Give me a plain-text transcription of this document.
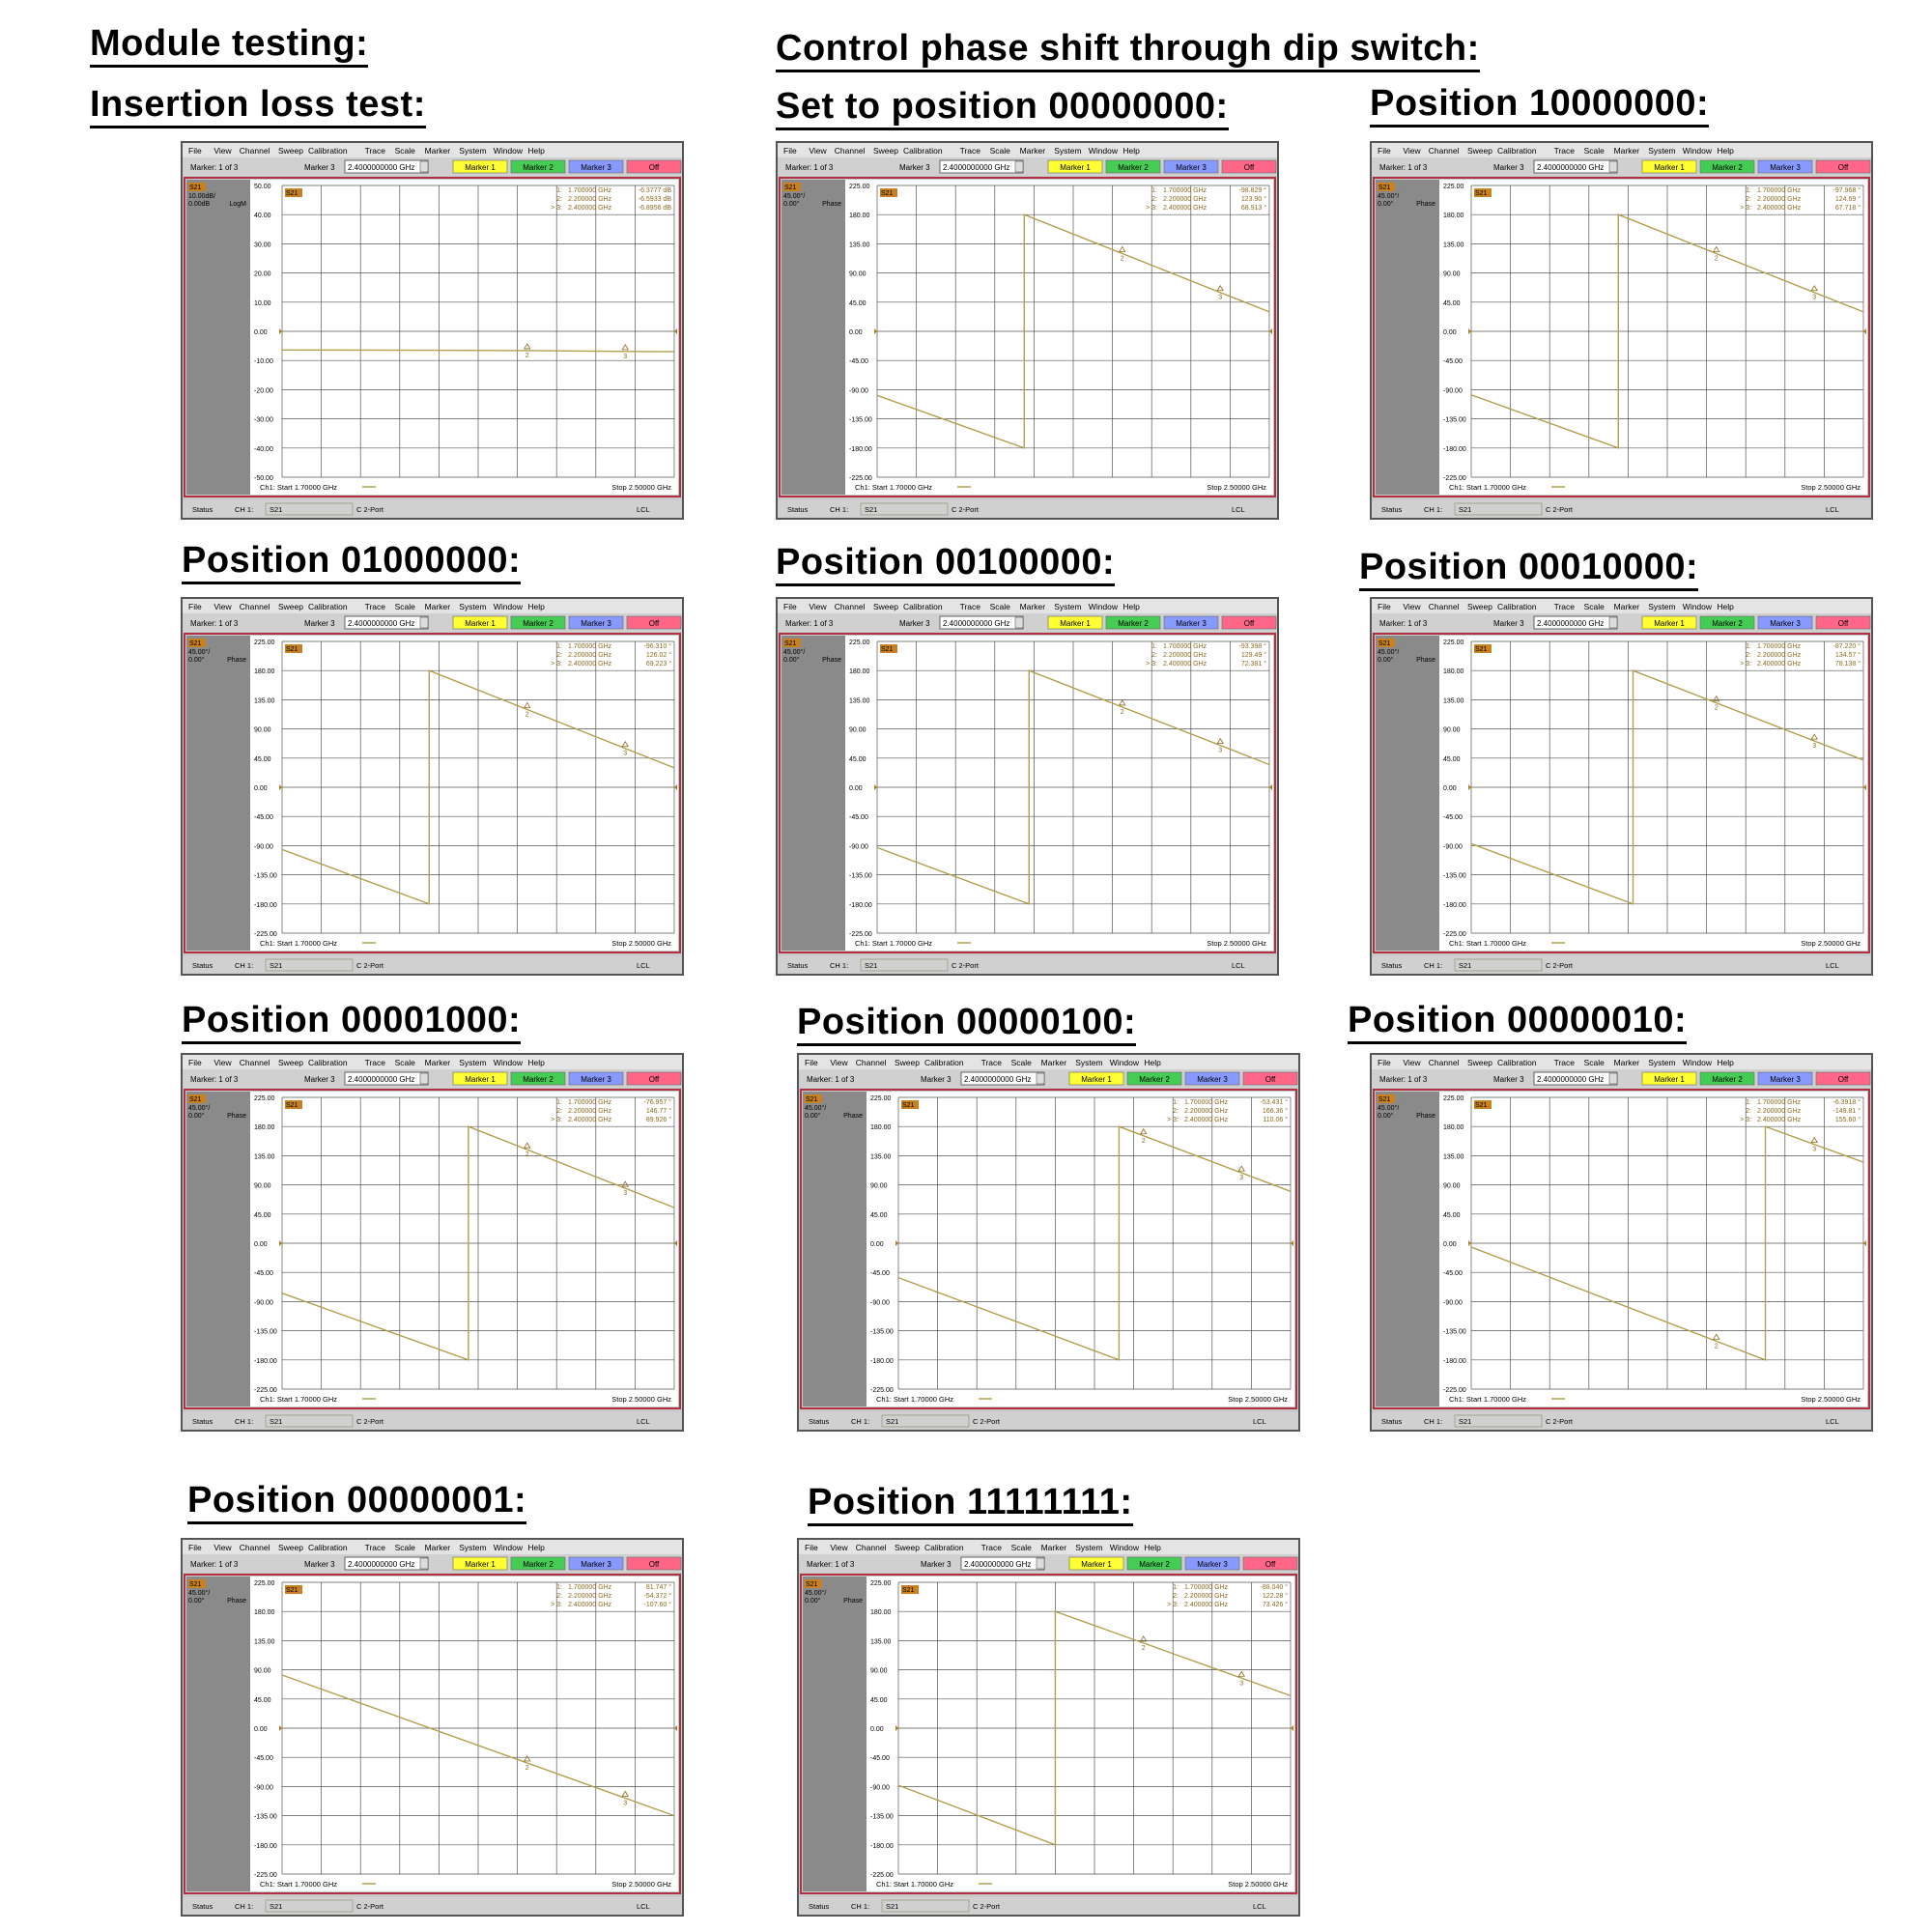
Module testing:
Insertion loss test:
Control phase shift through dip switch:
Set to position 00000000:	Position 10000000:
Position 01000000:	Position 00100000:	Position 00010000:
Position 00001000:	Position 00000100:	Position 00000010:
Position 00000001:	Position 11111111:
File View Channel Sweep Calibration Trace Scale Marker System Window Help
Marker: 1 of 3	Marker 3 2.4000000000 GHz	Marker 1	Marker 2	Marker 3	Off
S21
10.00dB/
0.00dB	LogM
50.00
40.00
30.00
20.00
10.00
0.00
-10.00
-20.00
-30.00
-40.00
-50.00
S21	1: 1.700000 GHz	-6.3777 dB
2: 2.200000 GHz	-6.5933 dB
> 3: 2.400000 GHz	-6.8956 dB
2	3
Ch1: Start 1.70000 GHz	Stop 2.50000 GHz
Status	CH 1: S21	C 2-Port	LCL
File View Channel Sweep Calibration Trace Scale Marker System Window Help
Marker: 1 of 3	Marker 3 2.4000000000 GHz	Marker 1	Marker 2	Marker 3	Off
S21
45.00°/
0.00°	Phase
225.00
180.00
135.00
90.00
45.00
0.00
-45.00
-90.00
-135.00
-180.00
-225.00
S21	1: 1.700000 GHz	-98.829 °
2: 2.200000 GHz	123.90 °
> 3: 2.400000 GHz	68.913 °
2
3
Ch1: Start 1.70000 GHz	Stop 2.50000 GHz
Status	CH 1: S21	C 2-Port	LCL
File View Channel Sweep Calibration Trace Scale Marker System Window Help
Marker: 1 of 3	Marker 3 2.4000000000 GHz	Marker 1	Marker 2	Marker 3	Off
S21
45.00°/
0.00°	Phase
225.00
180.00
135.00
90.00
45.00
0.00
-45.00
-90.00
-135.00
-180.00
-225.00
S21	1: 1.700000 GHz	-97.968 °
2: 2.200000 GHz	124.69 °
> 3: 2.400000 GHz	67.718 °
2
3
Ch1: Start 1.70000 GHz	Stop 2.50000 GHz
Status	CH 1: S21	C 2-Port	LCL
File View Channel Sweep Calibration Trace Scale Marker System Window Help
Marker: 1 of 3	Marker 3 2.4000000000 GHz	Marker 1	Marker 2	Marker 3	Off
S21
45.00°/
0.00°	Phase
225.00
180.00
135.00
90.00
45.00
0.00
-45.00
-90.00
-135.00
-180.00
-225.00
S21	1: 1.700000 GHz	-96.310 °
2: 2.200000 GHz	126.02 °
> 3: 2.400000 GHz	69.223 °
2
3
Ch1: Start 1.70000 GHz	Stop 2.50000 GHz
Status	CH 1: S21	C 2-Port	LCL
File View Channel Sweep Calibration Trace Scale Marker System Window Help
Marker: 1 of 3	Marker 3 2.4000000000 GHz	Marker 1	Marker 2	Marker 3	Off
S21
45.00°/
0.00°	Phase
225.00
180.00
135.00
90.00
45.00
0.00
-45.00
-90.00
-135.00
-180.00
-225.00
S21	1: 1.700000 GHz	-93.398 °
2: 2.200000 GHz	129.49 °
> 3: 2.400000 GHz	72.381 °
2
3
Ch1: Start 1.70000 GHz	Stop 2.50000 GHz
Status	CH 1: S21	C 2-Port	LCL
File View Channel Sweep Calibration Trace Scale Marker System Window Help
Marker: 1 of 3	Marker 3 2.4000000000 GHz	Marker 1	Marker 2	Marker 3	Off
S21
45.00°/
0.00°	Phase
225.00
180.00
135.00
90.00
45.00
0.00
-45.00
-90.00
-135.00
-180.00
-225.00
S21	1: 1.700000 GHz	-87.220 °
2: 2.200000 GHz	134.57 °
> 3: 2.400000 GHz	78.138 °
2
3
Ch1: Start 1.70000 GHz	Stop 2.50000 GHz
Status	CH 1: S21	C 2-Port	LCL
File View Channel Sweep Calibration Trace Scale Marker System Window Help
Marker: 1 of 3	Marker 3 2.4000000000 GHz	Marker 1	Marker 2	Marker 3	Off
S21
45.00°/
0.00°	Phase
225.00
180.00
135.00
90.00
45.00
0.00
-45.00
-90.00
-135.00
-180.00
-225.00
S21	1: 1.700000 GHz	-76.957 °
2: 2.200000 GHz	146.77 °
> 3: 2.400000 GHz	89.926 °
2
3
Ch1: Start 1.70000 GHz	Stop 2.50000 GHz
Status	CH 1: S21	C 2-Port	LCL
File View Channel Sweep Calibration Trace Scale Marker System Window Help
Marker: 1 of 3	Marker 3 2.4000000000 GHz	Marker 1	Marker 2	Marker 3	Off
S21
45.00°/
0.00°	Phase
225.00
180.00
135.00
90.00
45.00
0.00
-45.00
-90.00
-135.00
-180.00
-225.00
S21	1: 1.700000 GHz	-53.431 °
2: 2.200000 GHz	166.36 °
> 3: 2.400000 GHz	110.06 °
2
3
Ch1: Start 1.70000 GHz	Stop 2.50000 GHz
Status	CH 1: S21	C 2-Port	LCL
File View Channel Sweep Calibration Trace Scale Marker System Window Help
Marker: 1 of 3	Marker 3 2.4000000000 GHz	Marker 1	Marker 2	Marker 3	Off
S21
45.00°/
0.00°	Phase
225.00
180.00
135.00
90.00
45.00
0.00
-45.00
-90.00
-135.00
-180.00
-225.00
S21	1: 1.700000 GHz	-6.3918 °
2: 2.200000 GHz	-149.81 °
> 3: 2.400000 GHz	155.60 °
2
3
Ch1: Start 1.70000 GHz	Stop 2.50000 GHz
Status	CH 1: S21	C 2-Port	LCL
File View Channel Sweep Calibration Trace Scale Marker System Window Help
Marker: 1 of 3	Marker 3 2.4000000000 GHz	Marker 1	Marker 2	Marker 3	Off
S21
45.00°/
0.00°	Phase
225.00
180.00
135.00
90.00
45.00
0.00
-45.00
-90.00
-135.00
-180.00
-225.00
S21	1: 1.700000 GHz	81.747 °
2: 2.200000 GHz	-54.372 °
> 3: 2.400000 GHz	-107.60 °
2
3
Ch1: Start 1.70000 GHz	Stop 2.50000 GHz
Status	CH 1: S21	C 2-Port	LCL
File View Channel Sweep Calibration Trace Scale Marker System Window Help
Marker: 1 of 3	Marker 3 2.4000000000 GHz	Marker 1	Marker 2	Marker 3	Off
S21
45.00°/
0.00°	Phase
225.00
180.00
135.00
90.00
45.00
0.00
-45.00
-90.00
-135.00
-180.00
-225.00
S21	1: 1.700000 GHz	-88.040 °
2: 2.200000 GHz	122.28 °
> 3: 2.400000 GHz	73.426 °
2
3
Ch1: Start 1.70000 GHz	Stop 2.50000 GHz
Status	CH 1: S21	C 2-Port	LCL
